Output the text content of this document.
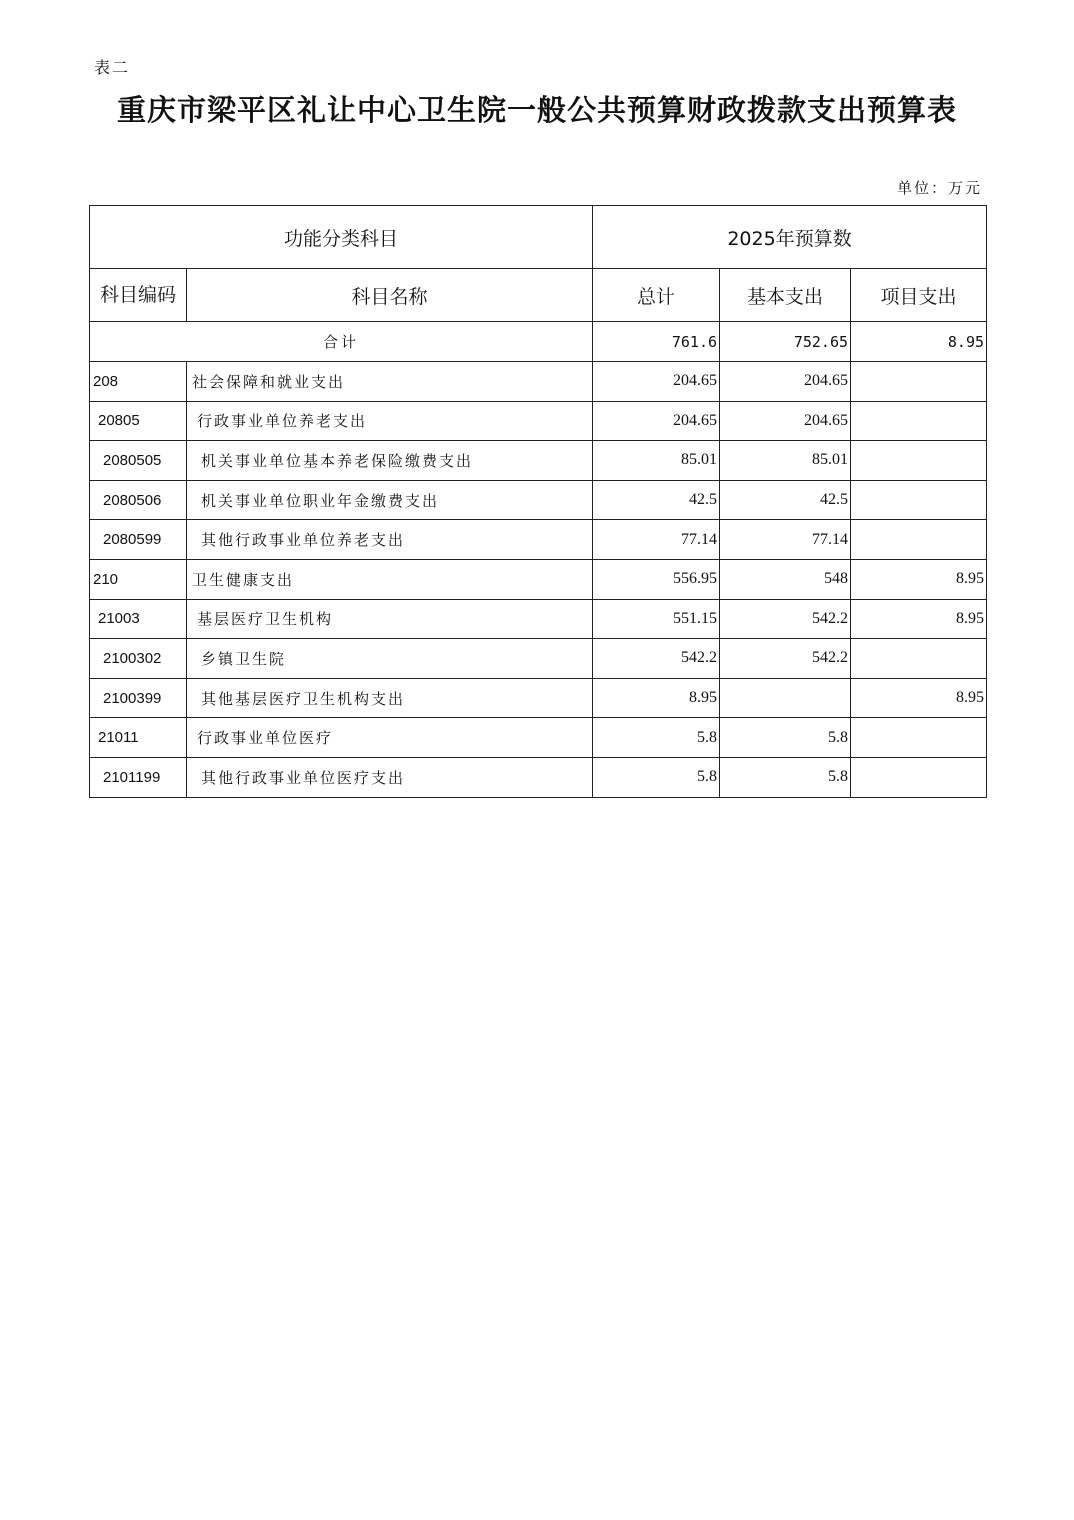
表二
重庆市梁平区礼让中心卫生院一般公共预算财政拨款支出预算表
单位：万元
功能分类科目		2025年预算数		
科目编码	科目名称	总计	基本支出	项目支出
合计		761.6	752.65	8.95
208	社会保障和就业支出	204.65	204.65	
20805	行政事业单位养老支出	204.65	204.65	
2080505	机关事业单位基本养老保险缴费支出	85.01	85.01	
2080506	机关事业单位职业年金缴费支出	42.5	42.5	
2080599	其他行政事业单位养老支出	77.14	77.14	
210	卫生健康支出	556.95	548	8.95
21003	基层医疗卫生机构	551.15	542.2	8.95
2100302	乡镇卫生院	542.2	542.2	
2100399	其他基层医疗卫生机构支出	8.95		8.95
21011	行政事业单位医疗	5.8	5.8	
2101199	其他行政事业单位医疗支出	5.8	5.8	
